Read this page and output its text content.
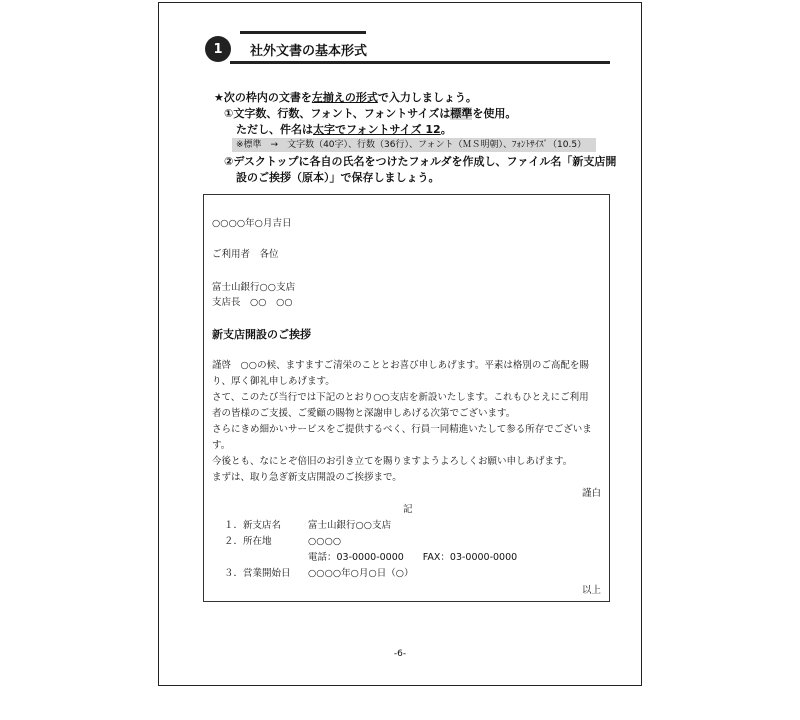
1 社外文書の基本形式
★次の枠内の文書を左揃えの形式で入力しましょう。
①文字数、行数、フォント、フォントサイズは標準を使用。
ただし、件名は太字でフォントサイズ 12。
※標準　→　文字数（40字）、行数（36行）、フォント（ＭＳ明朝）、ﾌｫﾝﾄｻｲｽﾞ（10.5）
②デスクトップに各自の氏名をつけたフォルダを作成し、ファイル名「新支店開
設のご挨拶（原本）」で保存しましょう。
○○○○年○月吉日
ご利用者　各位
富士山銀行○○支店
支店長　○○　○○
新支店開設のご挨拶
謹啓　○○の候、ますますご清栄のこととお喜び申しあげます。平素は格別のご高配を賜
り、厚く御礼申しあげます。
さて、このたび当行では下記のとおり○○支店を新設いたします。これもひとえにご利用
者の皆様のご支援、ご愛顧の賜物と深謝申しあげる次第でございます。
さらにきめ細かいサービスをご提供するべく、行員一同精進いたして参る所存でございま
す。
今後とも、なにとぞ倍旧のお引き立てを賜りますようよろしくお願い申しあげます。
まずは、取り急ぎ新支店開設のご挨拶まで。
謹白
記
１．新支店名	富士山銀行○○支店
２．所在地	○○○○
電話：03-0000-0000　　FAX：03-0000-0000
３．営業開始日 ○○○○年○月○日（○）
以上
-6-
